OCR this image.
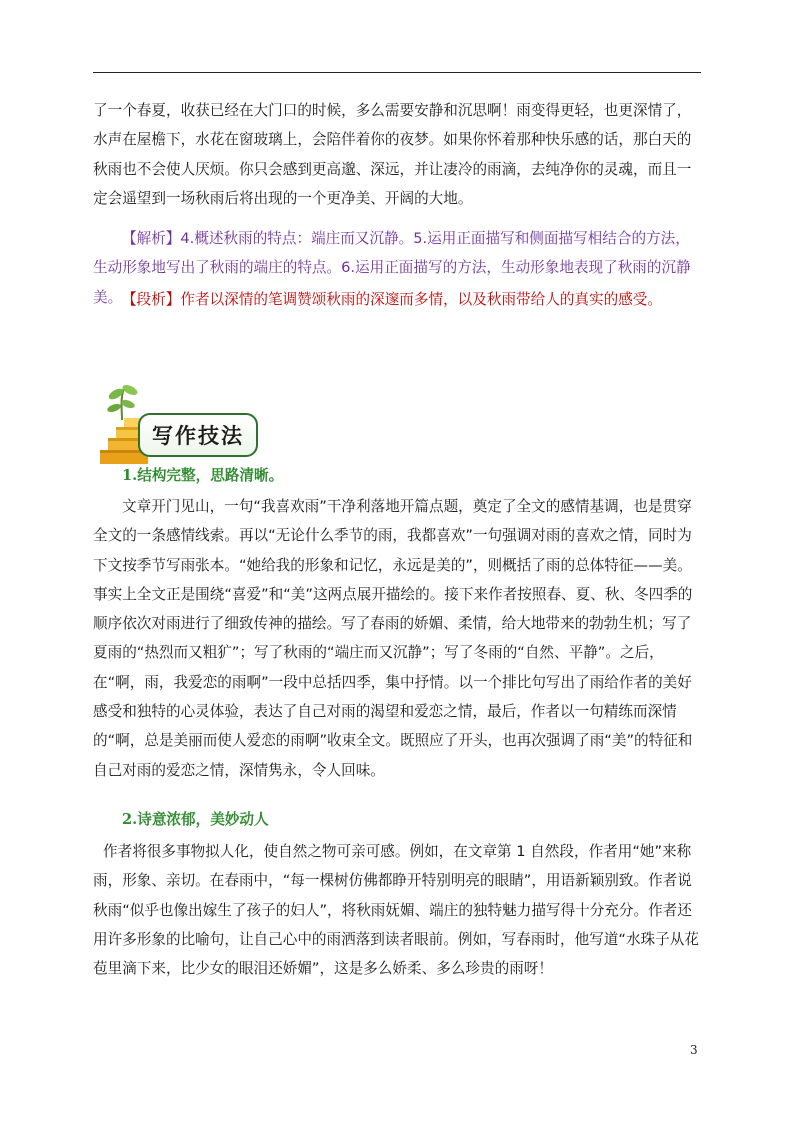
了一个春夏，收获已经在大门口的时候，多么需要安静和沉思啊！雨变得更轻，也更深情了，水声在屋檐下，水花在窗玻璃上，会陪伴着你的夜梦。如果你怀着那种快乐感的话，那白天的秋雨也不会使人厌烦。你只会感到更高邈、深远，并让凄冷的雨滴，去纯净你的灵魂，而且一定会遥望到一场秋雨后将出现的一个更净美、开阔的大地。

【解析】4.概述秋雨的特点：端庄而又沉静。5.运用正面描写和侧面描写相结合的方法，生动形象地写出了秋雨的端庄的特点。6.运用正面描写的方法，生动形象地表现了秋雨的沉静美。 【段析】作者以深情的笔调赞颂秋雨的深邃而多情，以及秋雨带给人的真实的感受。

写作技法
1.结构完整，思路清晰。

文章开门见山，一句“我喜欢雨”干净利落地开篇点题，奠定了全文的感情基调，也是贯穿全文的一条感情线索。再以“无论什么季节的雨，我都喜欢”一句强调对雨的喜欢之情，同时为下文按季节写雨张本。“她给我的形象和记忆，永远是美的”，则概括了雨的总体特征——美。事实上全文正是围绕“喜爱”和“美”这两点展开描绘的。接下来作者按照春、夏、秋、冬四季的顺序依次对雨进行了细致传神的描绘。写了春雨的娇媚、柔情，给大地带来的勃勃生机；写了夏雨的“热烈而又粗犷”；写了秋雨的“端庄而又沉静”；写了冬雨的“自然、平静”。之后，在“啊，雨，我爱恋的雨啊”一段中总括四季，集中抒情。以一个排比句写出了雨给作者的美好感受和独特的心灵体验，表达了自己对雨的渴望和爱恋之情，最后，作者以一句精练而深情的“啊，总是美丽而使人爱恋的雨啊”收束全文。既照应了开头，也再次强调了雨“美”的特征和自己对雨的爱恋之情，深情隽永，令人回味。

2.诗意浓郁，美妙动人

作者将很多事物拟人化，使自然之物可亲可感。例如，在文章第 1 自然段，作者用“她”来称雨，形象、亲切。在春雨中，“每一棵树仿佛都睁开特别明亮的眼睛”，用语新颖别致。作者说秋雨“似乎也像出嫁生了孩子的妇人”，将秋雨妩媚、端庄的独特魅力描写得十分充分。作者还用许多形象的比喻句，让自己心中的雨洒落到读者眼前。例如，写春雨时，他写道“水珠子从花苞里滴下来，比少女的眼泪还娇媚”，这是多么娇柔、多么珍贵的雨呀！

3
